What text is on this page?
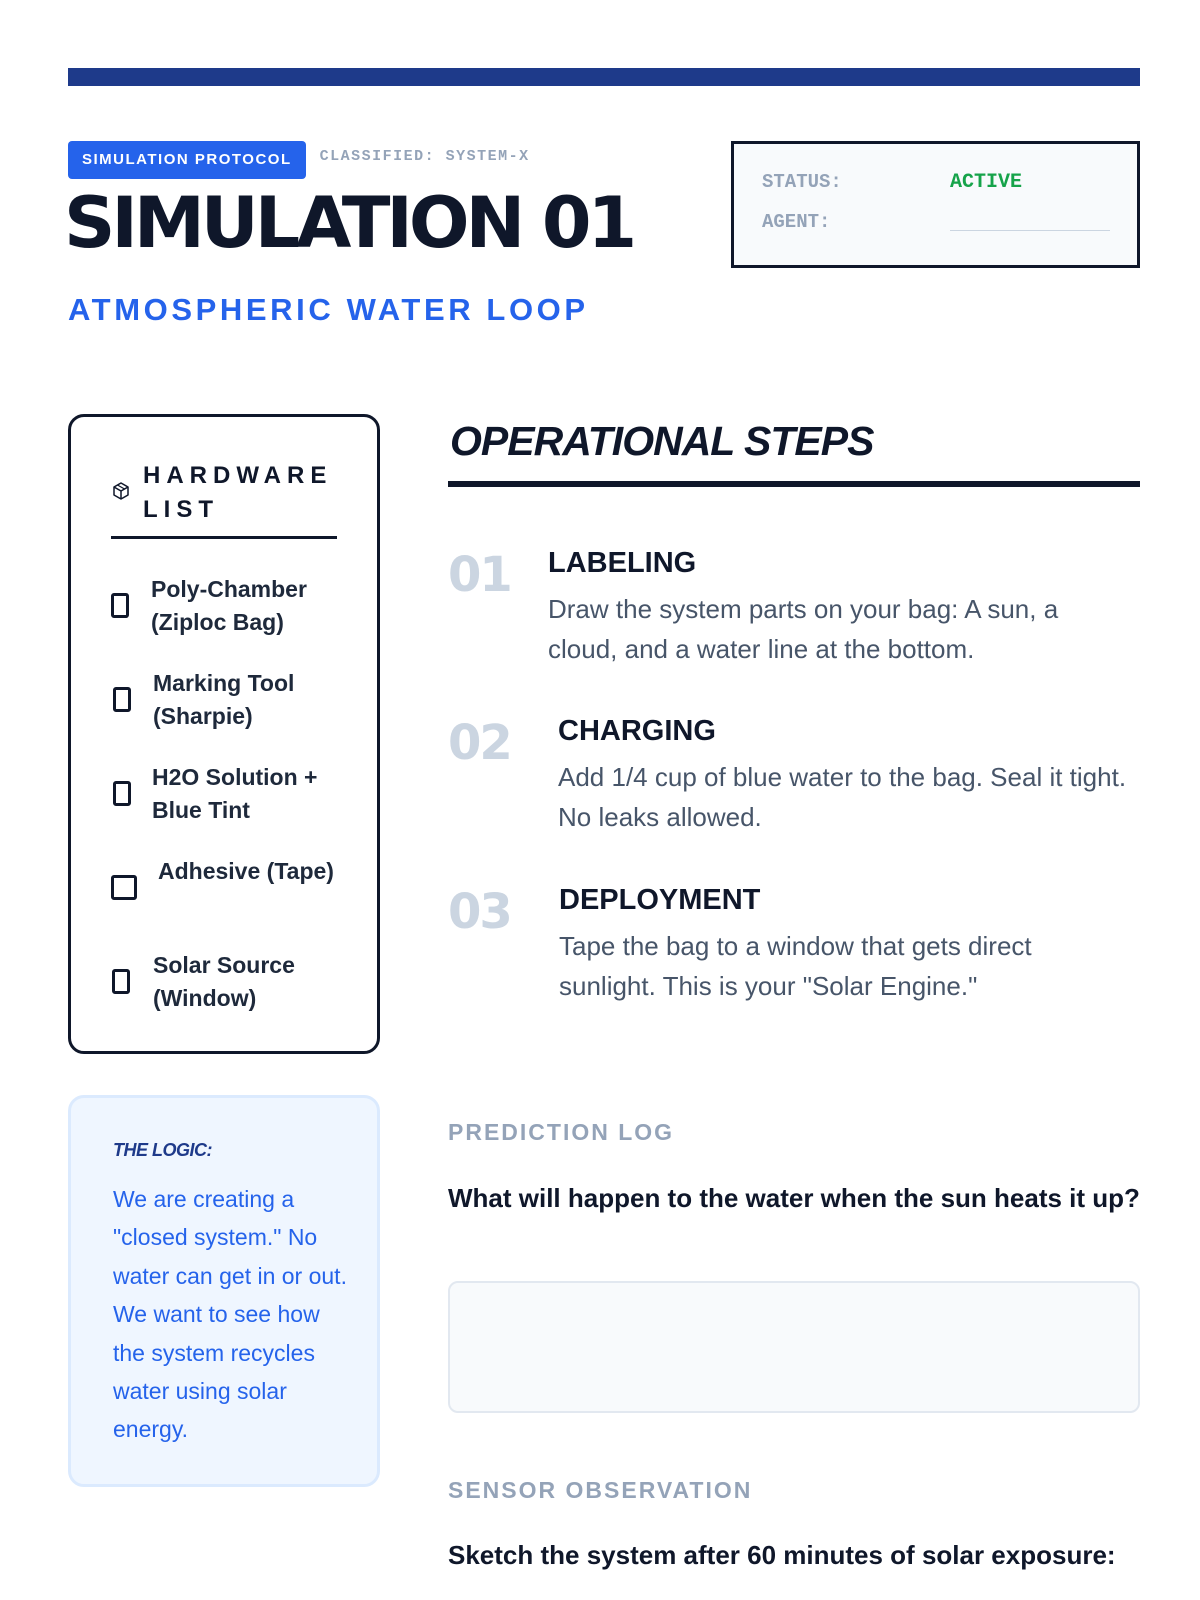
SIMULATION PROTOCOL	CLASSIFIED: SYSTEM-X
SIMULATION 01
ATMOSPHERIC WATER LOOP
STATUS:	ACTIVE
AGENT:
HARDWARE LIST
Poly-Chamber (Ziploc Bag)
Marking Tool (Sharpie)
H2O Solution + Blue Tint
Adhesive (Tape)
Solar Source (Window)
THE LOGIC:
We are creating a "closed system." No water can get in or out. We want to see how the system recycles water using solar energy.
OPERATIONAL STEPS
01 LABELING
Draw the system parts on your bag: A sun, a cloud, and a water line at the bottom.
02 CHARGING
Add 1/4 cup of blue water to the bag. Seal it tight. No leaks allowed.
03 DEPLOYMENT
Tape the bag to a window that gets direct sunlight. This is your "Solar Engine."
PREDICTION LOG
What will happen to the water when the sun heats it up?
SENSOR OBSERVATION
Sketch the system after 60 minutes of solar exposure:
